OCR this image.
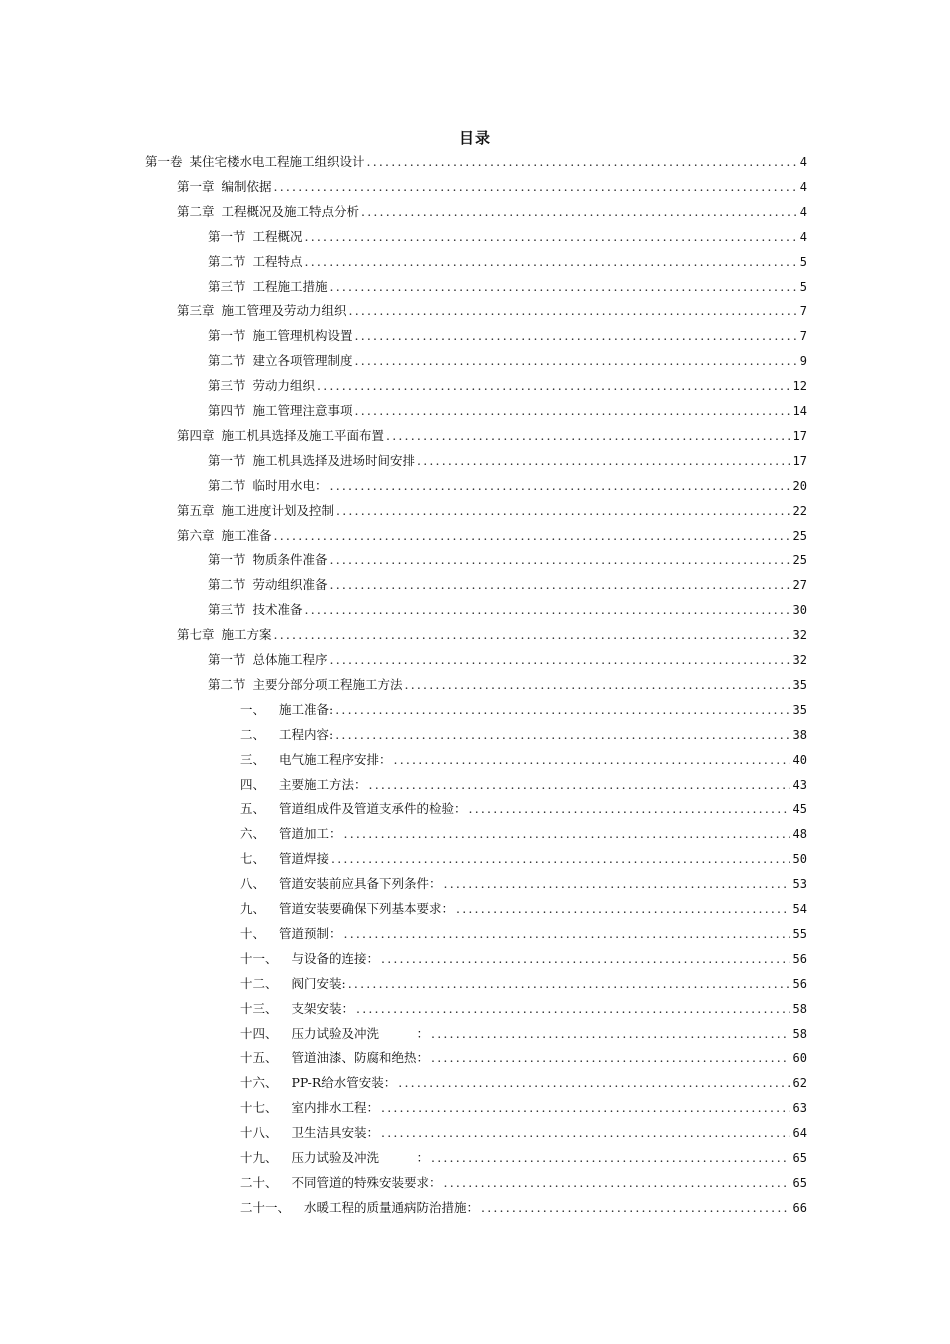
目录
第一卷 某住宅楼水电工程施工组织设计 .....	4
第一章 编制依据 .....	4
第二章 工程概况及施工特点分析 .....	4
第一节 工程概况 .....	4
第二节 工程特点 .....	5
第三节 工程施工措施 .....	5
第三章 施工管理及劳动力组织 .....	7
第一节 施工管理机构设置 .....	7
第二节 建立各项管理制度 .....	9
第三节 劳动力组织 .....	12
第四节 施工管理注意事项 .....	14
第四章 施工机具选择及施工平面布置 .....	17
第一节 施工机具选择及进场时间安排 .....	17
第二节 临时用水电： .....	20
第五章 施工进度计划及控制 .....	22
第六章 施工准备 .....	25
第一节 物质条件准备 .....	25
第二节 劳动组织准备 .....	27
第三节 技术准备 .....	30
第七章 施工方案 .....	32
第一节 总体施工程序 .....	32
第二节 主要分部分项工程施工方法 .....	35
一、	施工准备: .....	35
二、	工程内容: .....	38
三、	电气施工程序安排： .....	40
四、	主要施工方法： .....	43
五、	管道组成件及管道支承件的检验： .....	45
六、	管道加工： .....	48
七、	管道焊接 .....	50
八、	管道安装前应具备下列条件： .....	53
九、	管道安装要确保下列基本要求： .....	54
十、	管道预制： .....	55
十一、	与设备的连接： .....	56
十二、	阀门安装: .....	56
十三、	支架安装： .....	58
十四、	压力试验及冲洗　　　： .....	58
十五、	管道油漆、防腐和绝热： .....	60
十六、	PP-R给水管安装： .....	62
十七、	室内排水工程： .....	63
十八、	卫生洁具安装： .....	64
十九、	压力试验及冲洗　　　： .....	65
二十、	不同管道的特殊安装要求： .....	65
二十一、	水暖工程的质量通病防治措施： .....	66
